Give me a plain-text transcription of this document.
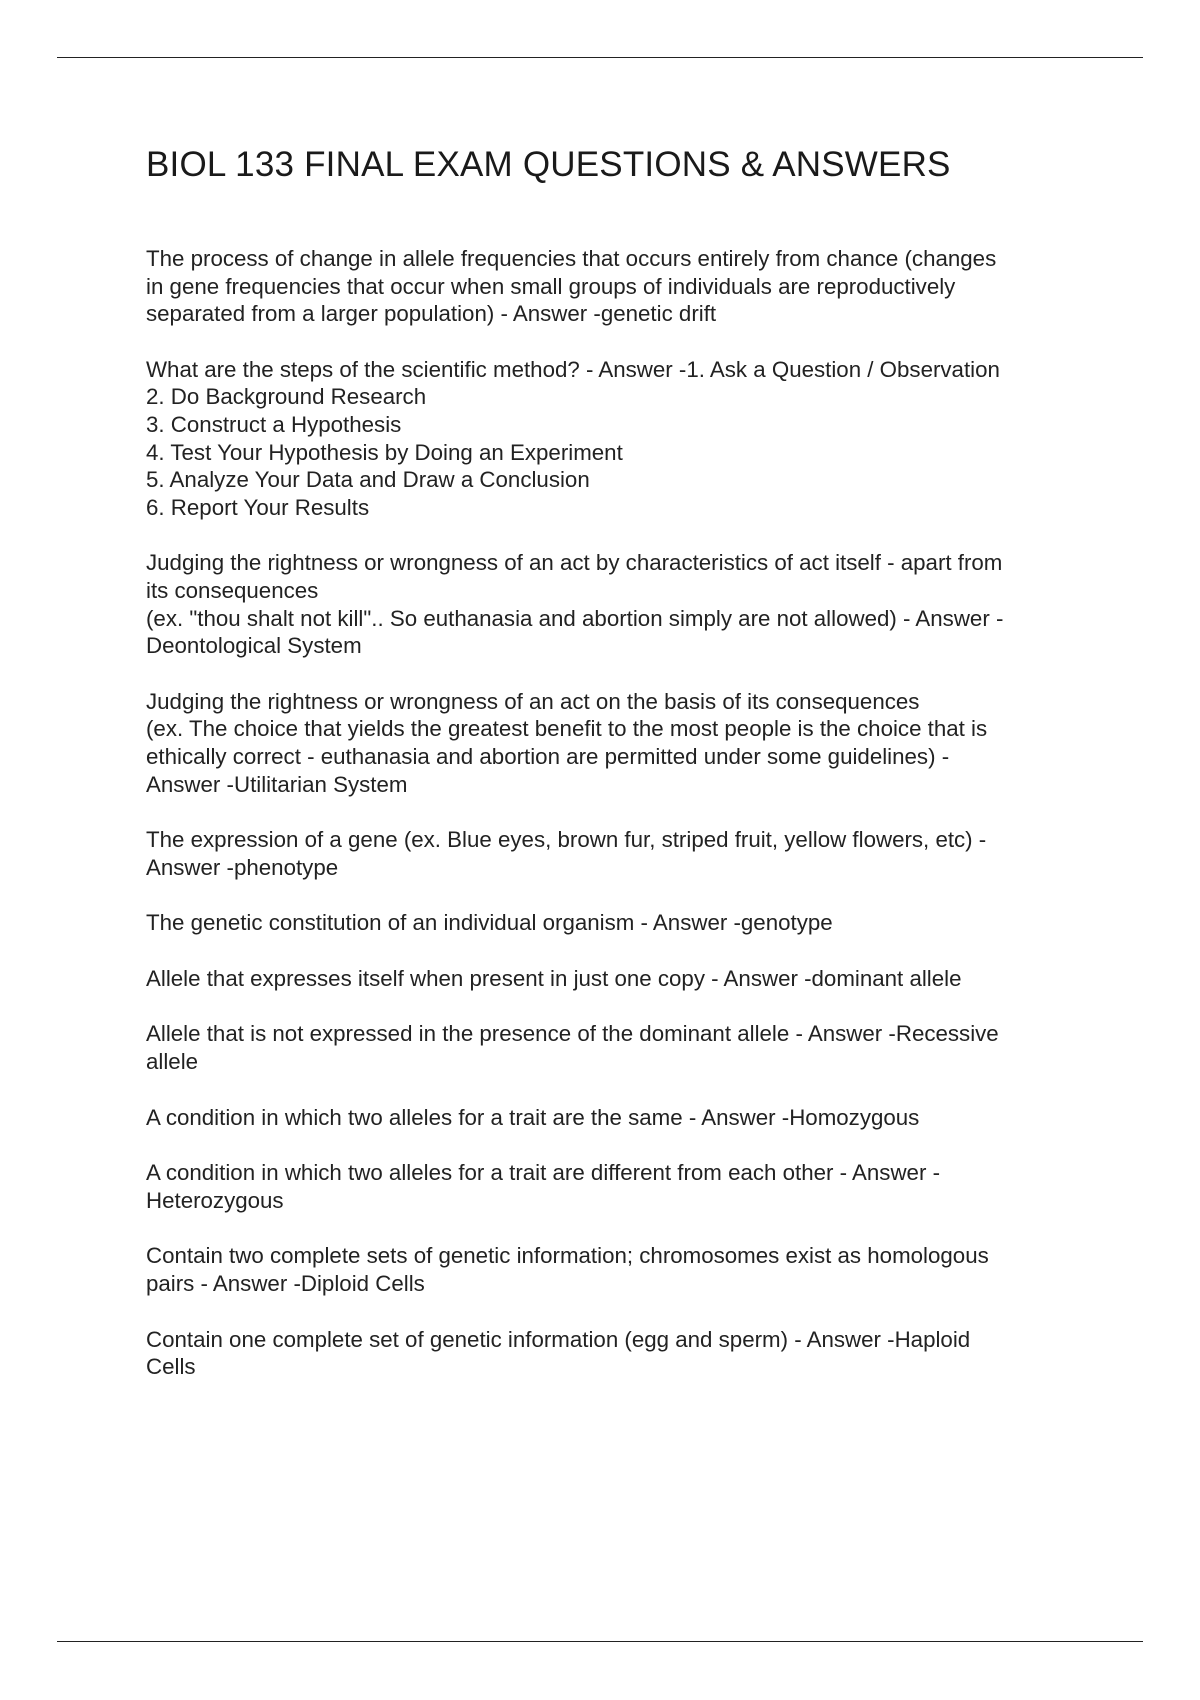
BIOL 133 FINAL EXAM QUESTIONS & ANSWERS
The process of change in allele frequencies that occurs entirely from chance (changes
in gene frequencies that occur when small groups of individuals are reproductively
separated from a larger population) - Answer -genetic drift
What are the steps of the scientific method? - Answer -1. Ask a Question / Observation
2. Do Background Research
3. Construct a Hypothesis
4. Test Your Hypothesis by Doing an Experiment
5. Analyze Your Data and Draw a Conclusion
6. Report Your Results
Judging the rightness or wrongness of an act by characteristics of act itself - apart from
its consequences
(ex. "thou shalt not kill".. So euthanasia and abortion simply are not allowed) - Answer -
Deontological System
Judging the rightness or wrongness of an act on the basis of its consequences
(ex. The choice that yields the greatest benefit to the most people is the choice that is
ethically correct - euthanasia and abortion are permitted under some guidelines) -
Answer -Utilitarian System
The expression of a gene (ex. Blue eyes, brown fur, striped fruit, yellow flowers, etc) -
Answer -phenotype
The genetic constitution of an individual organism - Answer -genotype
Allele that expresses itself when present in just one copy - Answer -dominant allele
Allele that is not expressed in the presence of the dominant allele - Answer -Recessive
allele
A condition in which two alleles for a trait are the same - Answer -Homozygous
A condition in which two alleles for a trait are different from each other - Answer -
Heterozygous
Contain two complete sets of genetic information; chromosomes exist as homologous
pairs - Answer -Diploid Cells
Contain one complete set of genetic information (egg and sperm) - Answer -Haploid
Cells
